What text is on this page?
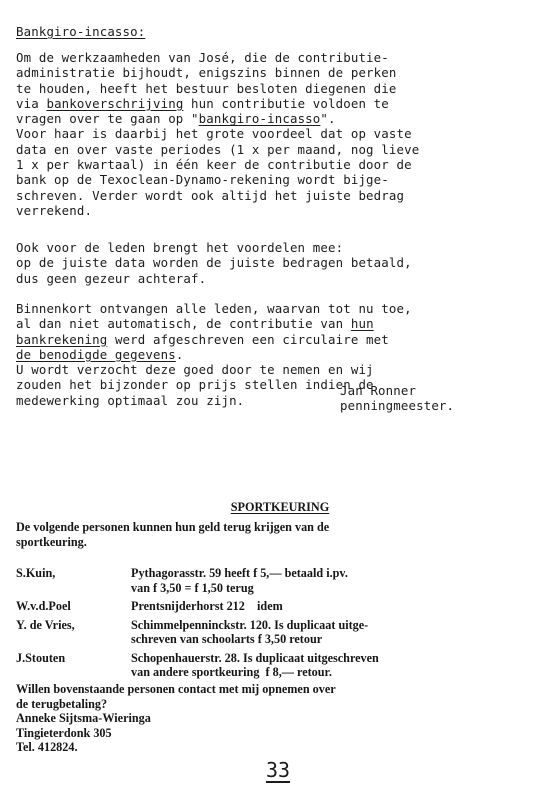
Bankgiro-incasso:
Om de werkzaamheden van José, die de contributie-
administratie bijhoudt, enigszins binnen de perken
te houden, heeft het bestuur besloten diegenen die
via bankoverschrijving hun contributie voldoen te
vragen over te gaan op "bankgiro-incasso".
Voor haar is daarbij het grote voordeel dat op vaste
data en over vaste periodes (1 x per maand, nog lieve
1 x per kwartaal) in één keer de contributie door de
bank op de Texoclean-Dynamo-rekening wordt bijge-
schreven. Verder wordt ook altijd het juiste bedrag
verrekend.
Ook voor de leden brengt het voordelen mee:
op de juiste data worden de juiste bedragen betaald,
dus geen gezeur achteraf.
Binnenkort ontvangen alle leden, waarvan tot nu toe,
al dan niet automatisch, de contributie van hun
bankrekening werd afgeschreven een circulaire met
de benodigde gegevens.
U wordt verzocht deze goed door te nemen en wij
zouden het bijzonder op prijs stellen indien de
medewerking optimaal zou zijn.
Jan Ronner
penningmeester.
SPORTKEURING
De volgende personen kunnen hun geld terug krijgen van de
sportkeuring.
S.Kuin,	Pythagorasstr. 59 heeft f 5,— betaald i.pv.
van f 3,50 = f 1,50 terug
W.v.d.Poel	Prentsnijderhorst 212    idem
Y. de Vries,	Schimmelpenninckstr. 120. Is duplicaat uitge-
schreven van schoolarts f 3,50 retour
J.Stouten	Schopenhauerstr. 28. Is duplicaat uitgeschreven
van andere sportkeuring  f 8,— retour.
Willen bovenstaande personen contact met mij opnemen over
de terugbetaling?
Anneke Sijtsma-Wieringa
Tingieterdonk 305
Tel. 412824.
33
